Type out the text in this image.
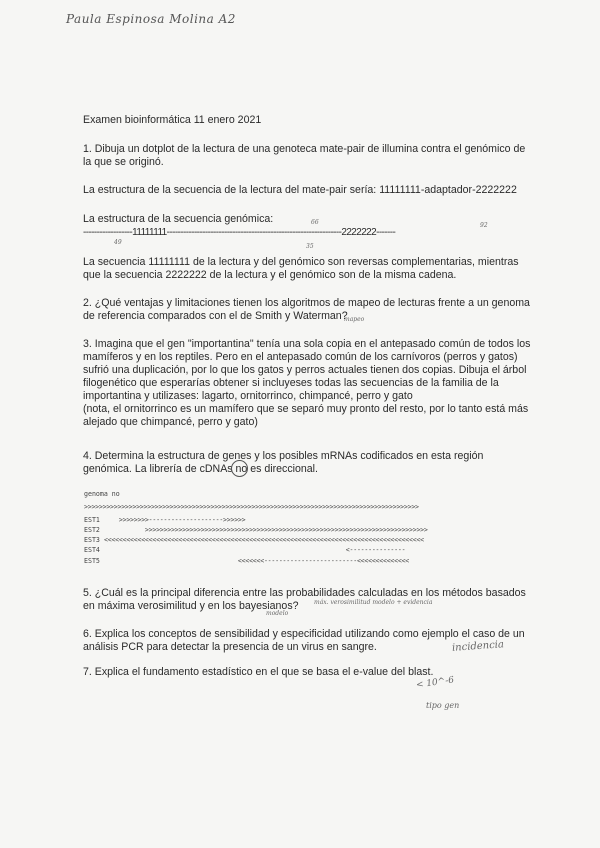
Paula Espinosa Molina A2
Examen bioinformática 11 enero 2021
1. Dibuja un dotplot de la lectura de una genoteca mate-pair de illumina contra el genómico de
la que se originó.
La estructura de la secuencia de la lectura del mate-pair sería: 11111111-adaptador-2222222
La estructura de la secuencia genómica:
------------------11111111----------------------------------------------------------------2222222-------
49
66
35
92
La secuencia 11111111 de la lectura y del genómico son reversas complementarias, mientras
que la secuencia 2222222 de la lectura y el genómico son de la misma cadena.
2. ¿Qué ventajas y limitaciones tienen los algoritmos de mapeo de lecturas frente a un genoma
de referencia comparados con el de Smith y Waterman?
mapeo
3. Imagina que el gen "importantina" tenía una sola copia en el antepasado común de todos los
mamíferos y en los reptiles. Pero en el antepasado común de los carnívoros (perros y gatos)
sufrió una duplicación, por lo que los gatos y perros actuales tienen dos copias. Dibuja el árbol
filogenético que esperarías obtener si incluyeses todas las secuencias de la familia de la
importantina y utilizases: lagarto, ornitorrinco, chimpancé, perro y gato
(nota, el ornitorrinco es un mamífero que se separó muy pronto del resto, por lo tanto está más
alejado que chimpancé, perro y gato)
4. Determina la estructura de genes y los posibles mRNAs codificados en esta región
genómica. La librería de cDNAs no es direccional.
genoma no
>>>>>>>>>>>>>>>>>>>>>>>>>>>>>>>>>>>>>>>>>>>>>>>>>>>>>>>>>>>>>>>>>>>>>>>>>>>>>>>>>>>>>>>>>>
EST1 >>>>>>>>-------------------->>>>>>
EST2 >>>>>>>>>>>>>>>>>>>>>>>>>>>>>>>>>>>>>>>>>>>>>>>>>>>>>>>>>>>>>>>>>>>>>>>>>>>>
EST3 <<<<<<<<<<<<<<<<<<<<<<<<<<<<<<<<<<<<<<<<<<<<<<<<<<<<<<<<<<<<<<<<<<<<<<<<<<<<<<<<<<<<<<
EST4 <---------------
EST5 <<<<<<<-------------------------<<<<<<<<<<<<<<
5. ¿Cuál es la principal diferencia entre las probabilidades calculadas en los métodos basados
en máxima verosimilitud y en los bayesianos?	máx. verosimilitud modelo + evidencia
modelo
6. Explica los conceptos de sensibilidad y especificidad utilizando como ejemplo el caso de un
análisis PCR para detectar la presencia de un virus en sangre.	incidencia
7. Explica el fundamento estadístico en el que se basa el e-value del blast.
< 10^-6
tipo gen
